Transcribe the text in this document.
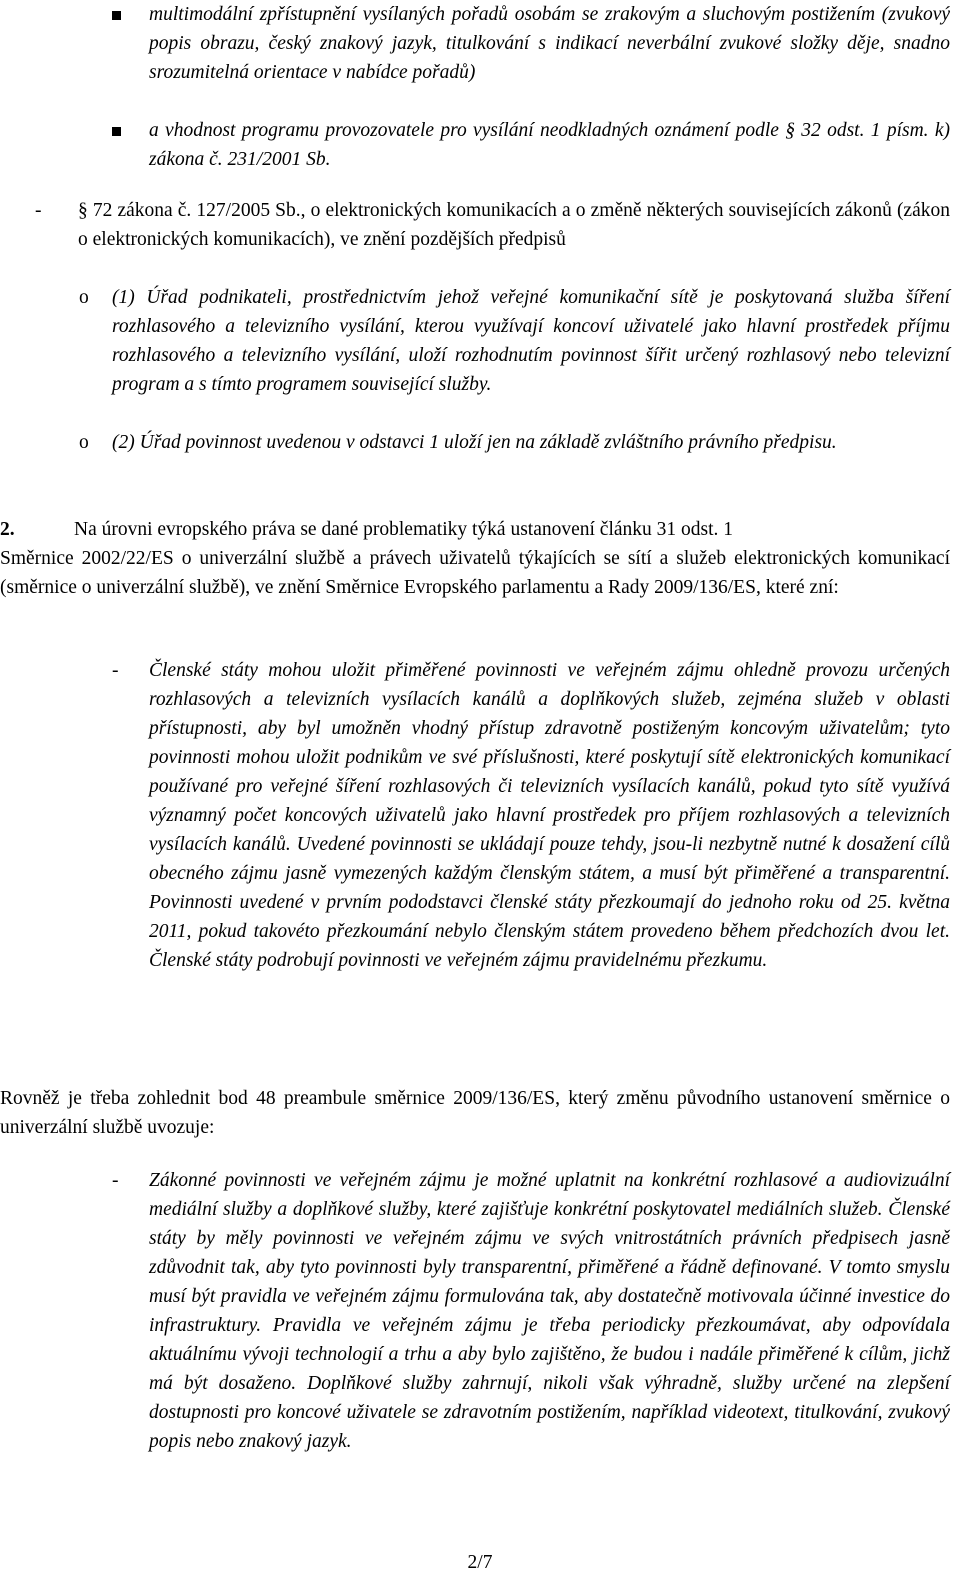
multimodální zpřístupnění vysílaných pořadů osobám se zrakovým a sluchovým postižením (zvukový popis obrazu, český znakový jazyk, titulkování s indikací neverbální zvukové složky děje, snadno srozumitelná orientace v nabídce pořadů)

a vhodnost programu provozovatele pro vysílání neodkladných oznámení podle § 32 odst. 1 písm. k) zákona č. 231/2001 Sb.

-	§ 72 zákona č. 127/2005 Sb., o elektronických komunikacích a o změně některých souvisejících zákonů (zákon o elektronických komunikacích), ve znění pozdějších předpisů

o	(1) Úřad podnikateli, prostřednictvím jehož veřejné komunikační sítě je poskytovaná služba šíření rozhlasového a televizního vysílání, kterou využívají koncoví uživatelé jako hlavní prostředek příjmu rozhlasového a televizního vysílání, uloží rozhodnutím povinnost šířit určený rozhlasový nebo televizní program a s tímto programem související služby.

o	(2) Úřad povinnost uvedenou v odstavci 1 uloží jen na základě zvláštního právního předpisu.

2.	Na úrovni evropského práva se dané problematiky týká ustanovení článku 31 odst. 1

Směrnice 2002/22/ES o univerzální službě a právech uživatelů týkajících se sítí a služeb elektronických komunikací (směrnice o univerzální službě), ve znění Směrnice Evropského parlamentu a Rady 2009/136/ES, které zní:

-	Členské státy mohou uložit přiměřené povinnosti ve veřejném zájmu ohledně provozu určených rozhlasových a televizních vysílacích kanálů a doplňkových služeb, zejména služeb v oblasti přístupnosti, aby byl umožněn vhodný přístup zdravotně postiženým koncovým uživatelům; tyto povinnosti mohou uložit podnikům ve své příslušnosti, které poskytují sítě elektronických komunikací používané pro veřejné šíření rozhlasových či televizních vysílacích kanálů, pokud tyto sítě využívá významný počet koncových uživatelů jako hlavní prostředek pro příjem rozhlasových a televizních vysílacích kanálů. Uvedené povinnosti se ukládají pouze tehdy, jsou-li nezbytně nutné k dosažení cílů obecného zájmu jasně vymezených každým členským státem, a musí být přiměřené a transparentní. Povinnosti uvedené v prvním pododstavci členské státy přezkoumají do jednoho roku od 25. května 2011, pokud takovéto přezkoumání nebylo členským státem provedeno během předchozích dvou let. Členské státy podrobují povinnosti ve veřejném zájmu pravidelnému přezkumu.

Rovněž je třeba zohlednit bod 48 preambule směrnice 2009/136/ES, který změnu původního ustanovení směrnice o univerzální službě uvozuje:

-	Zákonné povinnosti ve veřejném zájmu je možné uplatnit na konkrétní rozhlasové a audiovizuální mediální služby a doplňkové služby, které zajišťuje konkrétní poskytovatel mediálních služeb. Členské státy by měly povinnosti ve veřejném zájmu ve svých vnitrostátních právních předpisech jasně zdůvodnit tak, aby tyto povinnosti byly transparentní, přiměřené a řádně definované. V tomto smyslu musí být pravidla ve veřejném zájmu formulována tak, aby dostatečně motivovala účinné investice do infrastruktury. Pravidla ve veřejném zájmu je třeba periodicky přezkoumávat, aby odpovídala aktuálnímu vývoji technologií a trhu a aby bylo zajištěno, že budou i nadále přiměřené k cílům, jichž má být dosaženo. Doplňkové služby zahrnují, nikoli však výhradně, služby určené na zlepšení dostupnosti pro koncové uživatele se zdravotním postižením, například videotext, titulkování, zvukový popis nebo znakový jazyk.

2/7
